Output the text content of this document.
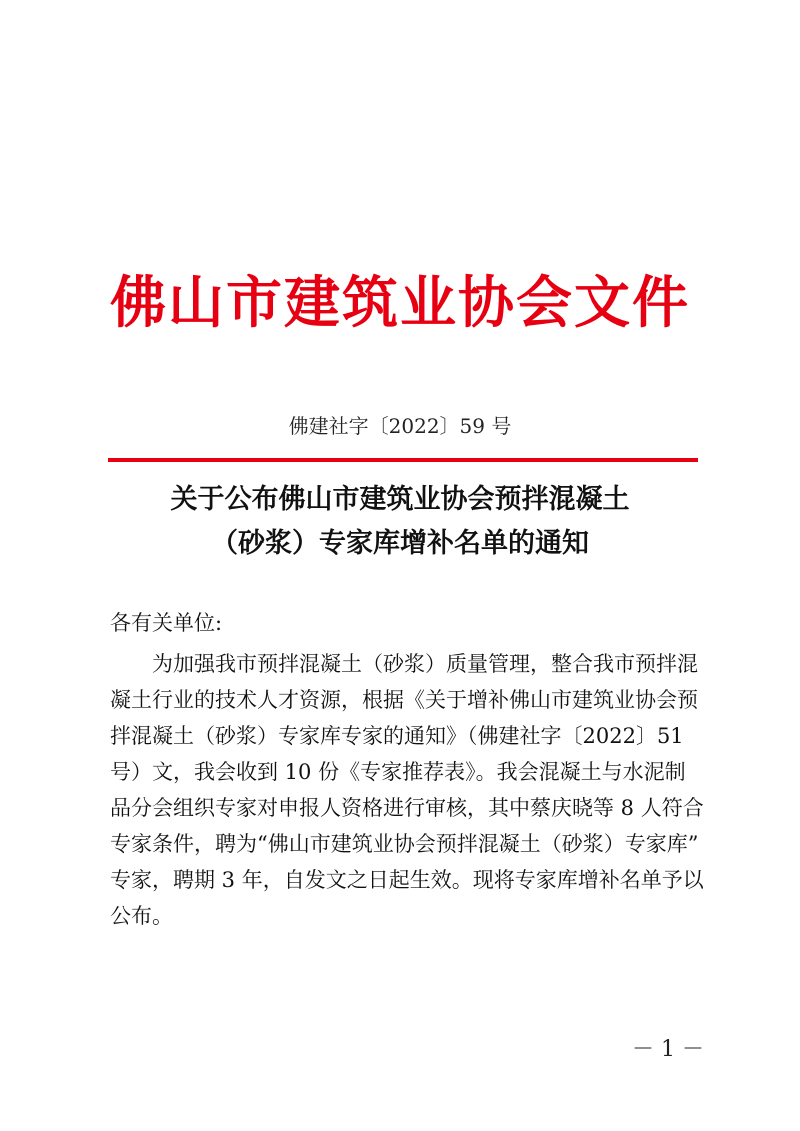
佛山市建筑业协会文件
佛建社字〔2022〕59 号
关于公布佛山市建筑业协会预拌混凝土
（砂浆）专家库增补名单的通知
各有关单位:
为加强我市预拌混凝土（砂浆）质量管理，整合我市预拌混
凝土行业的技术人才资源，根据《关于增补佛山市建筑业协会预
拌混凝土（砂浆）专家库专家的通知》（佛建社字〔2022〕51
号）文，我会收到 10 份《专家推荐表》。我会混凝土与水泥制
品分会组织专家对申报人资格进行审核，其中蔡庆晓等 8 人符合
专家条件，聘为“佛山市建筑业协会预拌混凝土（砂浆）专家库”
专家，聘期 3 年，自发文之日起生效。现将专家库增补名单予以
公布。
－ 1 －
